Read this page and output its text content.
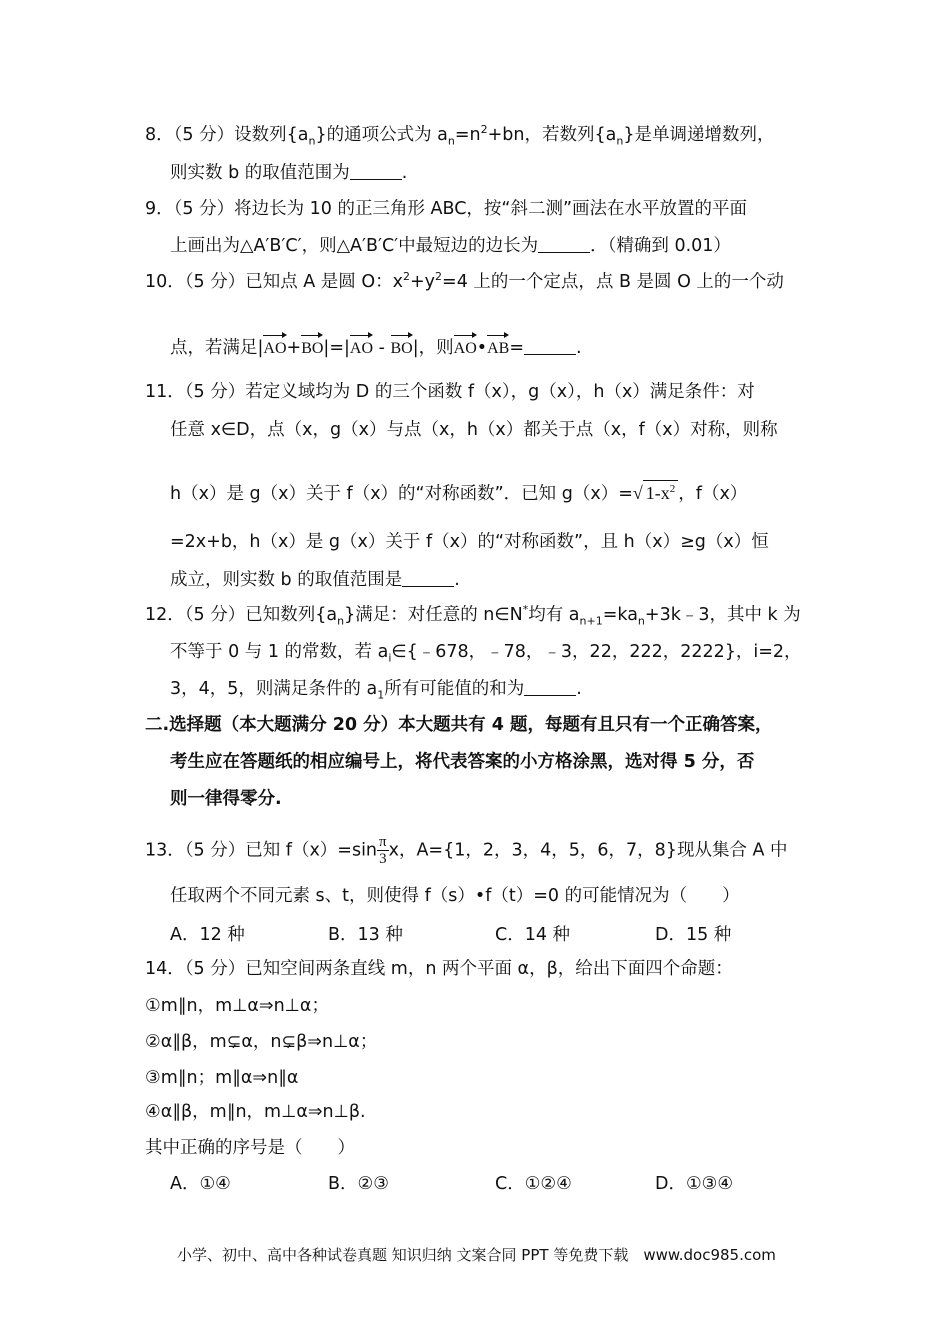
8．（5 分）设数列$\{a_n\}$的通项公式为 $a_n=n^2+bn$，若数列$\{a_n\}$是单调递增数列，
则实数 b 的取值范围为	.
9．（5 分）将边长为 10 的正三角形 ABC，按“斜二测”画法在水平放置的平面
上画出为△A′B′C′，则△A′B′C′中最短边的边长为	．（精确到 0.01）
10．（5 分）已知点 A 是圆 O：$x^2+y^2=4$ 上的一个定点，点 B 是圆 O 上的一个动
点，若满足|AO+BO|=|AO - BO|，则AO•AB=	.
11．（5 分）若定义域均为 D 的三个函数 f（x），g（x），h（x）满足条件：对
任意 x∈D，点（x，g（x）与点（x，h（x）都关于点（x，f（x）对称，则称
h（x）是 g（x）关于 f（x）的“对称函数”．已知 g（x）=√ $1-x^2$ ，f（x）
=2x+b，h（x）是 g（x）关于 f（x）的“对称函数”，且 h（x）≥g（x）恒
成立，则实数 b 的取值范围是	.
12．（5 分）已知数列$\{a_n\}$满足：对任意的 n∈N*均有 $a_{n+1}=ka_n+3k﹣3$，其中 k 为
不等于 0 与 1 的常数，若 $a_i\in\{﹣678$，﹣78，﹣3，22，222，2222}，i=2，
3，4，5，则满足条件的 $a_1$所有可能值的和为	.
二.选择题（本大题满分 20 分）本大题共有 4 题，每题有且只有一个正确答案，
考生应在答题纸的相应编号上，将代表答案的小方格涂黑，选对得 5 分，否
则一律得零分.
13．（5 分）已知 $f(x)=\sin \frac{\pi}{3}$ x，A={1，2，3，4，5，6，7，8}现从集合 A 中
任取两个不同元素 s、t，则使得 f（s）•f（t）=0 的可能情况为（　　）
A．12 种	B．13 种	C．14 种	D．15 种
14．（5 分）已知空间两条直线 m，n 两个平面 α，β，给出下面四个命题：
①m∥n，m⊥α⇒n⊥α；
②α∥β，m⊊α，n⊊β⇒n⊥α；
③m∥n；m∥α⇒n∥α
④α∥β，m∥n，m⊥α⇒n⊥β.
其中正确的序号是（　　）
A．①④	B．②③	C．①②④	D．①③④
小学、初中、高中各种试卷真题 知识归纳 文案合同 PPT 等免费下载　www.doc985.com
